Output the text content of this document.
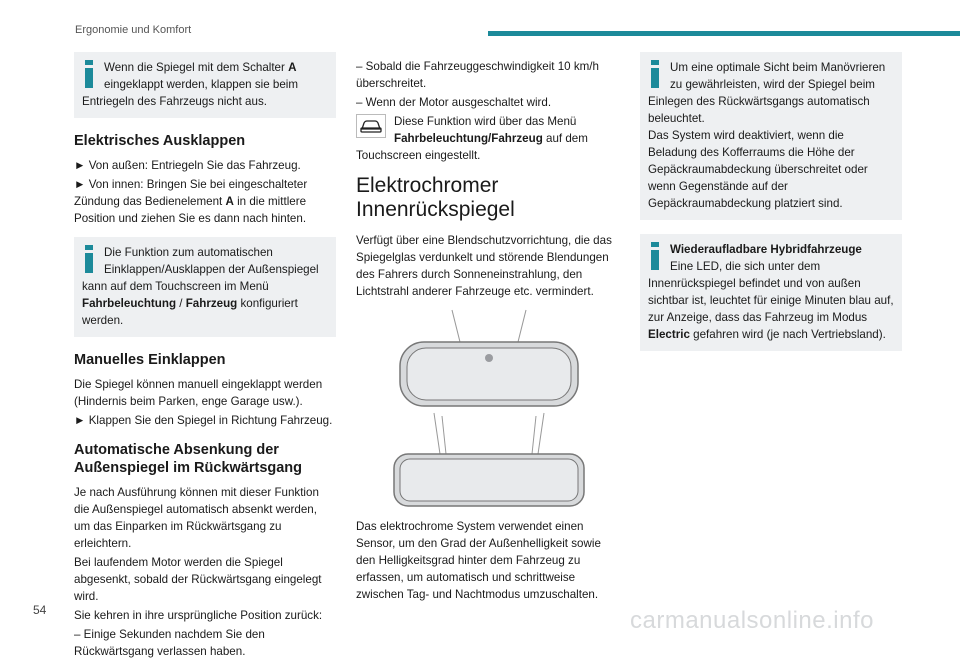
Ergonomie und Komfort
Wenn die Spiegel mit dem Schalter A eingeklappt werden, klappen sie beim Entriegeln des Fahrzeugs nicht aus.
Elektrisches Ausklappen
► Von außen: Entriegeln Sie das Fahrzeug.
► Von innen: Bringen Sie bei eingeschalteter Zündung das Bedienelement A in die mittlere Position und ziehen Sie es dann nach hinten.
Die Funktion zum automatischen Einklappen/Ausklappen der Außenspiegel kann auf dem Touchscreen im Menü Fahrbeleuchtung / Fahrzeug konfiguriert werden.
Manuelles Einklappen
Die Spiegel können manuell eingeklappt werden (Hindernis beim Parken, enge Garage usw.).
► Klappen Sie den Spiegel in Richtung Fahrzeug.
Automatische Absenkung der Außenspiegel im Rückwärtsgang
Je nach Ausführung können mit dieser Funktion die Außenspiegel automatisch absenkt werden, um das Einparken im Rückwärtsgang zu erleichtern.
Bei laufendem Motor werden die Spiegel abgesenkt, sobald der Rückwärtsgang eingelegt wird.
Sie kehren in ihre ursprüngliche Position zurück:
– Einige Sekunden nachdem Sie den Rückwärtsgang verlassen haben.
– Sobald die Fahrzeuggeschwindigkeit 10 km/h überschreitet.
– Wenn der Motor ausgeschaltet wird.
Diese Funktion wird über das Menü Fahrbeleuchtung/Fahrzeug auf dem Touchscreen eingestellt.
Elektrochromer Innenrückspiegel
Verfügt über eine Blendschutzvorrichtung, die das Spiegelglas verdunkelt und störende Blendungen des Fahrers durch Sonneneinstrahlung, den Lichtstrahl anderer Fahrzeuge etc. vermindert.
Das elektrochrome System verwendet einen Sensor, um den Grad der Außenhelligkeit sowie den Helligkeitsgrad hinter dem Fahrzeug zu erfassen, um automatisch und schrittweise zwischen Tag- und Nachtmodus umzuschalten.
Um eine optimale Sicht beim Manövrieren zu gewährleisten, wird der Spiegel beim Einlegen des Rückwärtsgangs automatisch beleuchtet.
Das System wird deaktiviert, wenn die Beladung des Kofferraums die Höhe der Gepäckraumabdeckung überschreitet oder wenn Gegenstände auf der Gepäckraumabdeckung platziert sind.
Wiederaufladbare Hybridfahrzeuge
Eine LED, die sich unter dem Innenrückspiegel befindet und von außen sichtbar ist, leuchtet für einige Minuten blau auf, zur Anzeige, dass das Fahrzeug im Modus Electric gefahren wird (je nach Vertriebsland).
54	carmanualsonline.info
